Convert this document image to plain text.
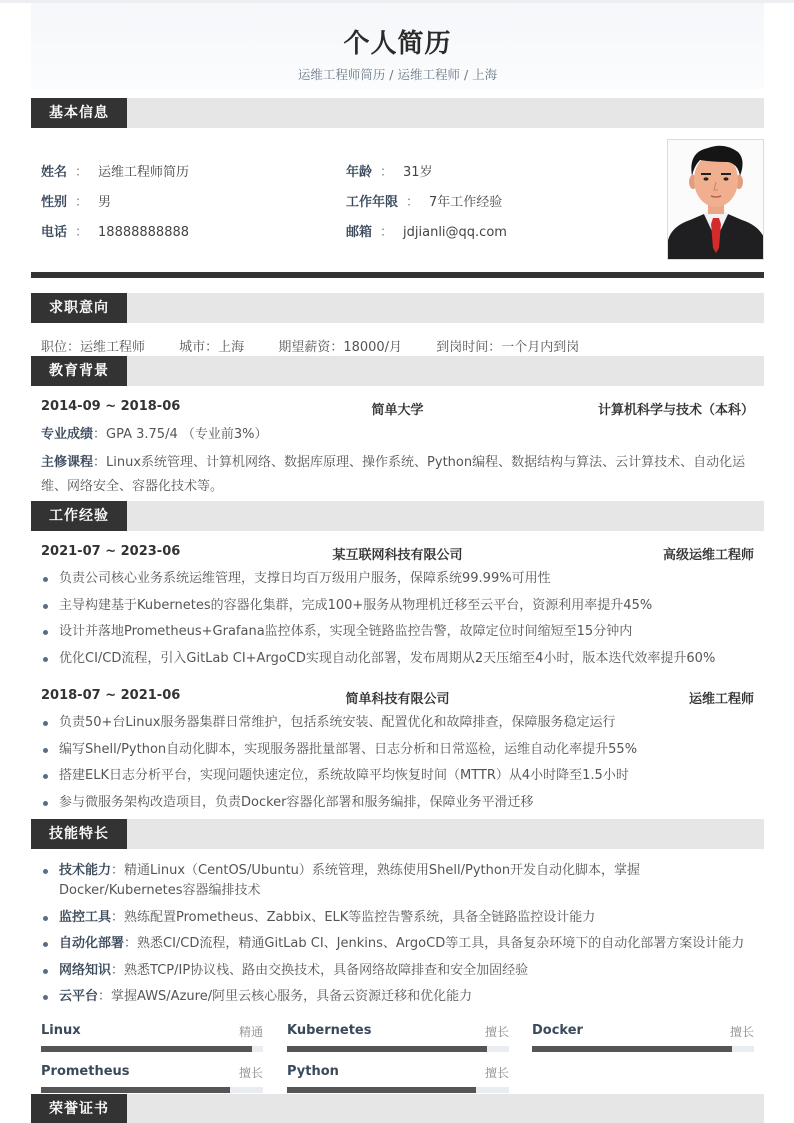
个人简历
运维工程师简历 / 运维工程师 / 上海
基本信息
姓名 ： 运维工程师简历
性别 ： 男
电话 ： 18888888888
年龄 ： 31岁
工作年限 ： 7年工作经验
邮箱 ： jdjianli@qq.com
求职意向
职位：运维工程师	城市：上海	期望薪资：18000/月	到岗时间：一个月内到岗
教育背景
2014-09 ~ 2018-06	简单大学	计算机科学与技术（本科）
专业成绩：GPA 3.75/4 （专业前3%）
主修课程：Linux系统管理、计算机网络、数据库原理、操作系统、Python编程、数据结构与算法、云计算技术、自动化运维、网络安全、容器化技术等。
工作经验
2021-07 ~ 2023-06	某互联网科技有限公司	高级运维工程师
负责公司核心业务系统运维管理，支撑日均百万级用户服务，保障系统99.99%可用性
主导构建基于Kubernetes的容器化集群，完成100+服务从物理机迁移至云平台，资源利用率提升45%
设计并落地Prometheus+Grafana监控体系，实现全链路监控告警，故障定位时间缩短至15分钟内
优化CI/CD流程，引入GitLab CI+ArgoCD实现自动化部署，发布周期从2天压缩至4小时，版本迭代效率提升60%
2018-07 ~ 2021-06	简单科技有限公司	运维工程师
负责50+台Linux服务器集群日常维护，包括系统安装、配置优化和故障排查，保障服务稳定运行
编写Shell/Python自动化脚本，实现服务器批量部署、日志分析和日常巡检，运维自动化率提升55%
搭建ELK日志分析平台，实现问题快速定位，系统故障平均恢复时间（MTTR）从4小时降至1.5小时
参与微服务架构改造项目，负责Docker容器化部署和服务编排，保障业务平滑迁移
技能特长
技术能力：精通Linux（CentOS/Ubuntu）系统管理，熟练使用Shell/Python开发自动化脚本，掌握Docker/Kubernetes容器编排技术
监控工具：熟练配置Prometheus、Zabbix、ELK等监控告警系统，具备全链路监控设计能力
自动化部署：熟悉CI/CD流程，精通GitLab CI、Jenkins、ArgoCD等工具，具备复杂环境下的自动化部署方案设计能力
网络知识：熟悉TCP/IP协议栈、路由交换技术，具备网络故障排查和安全加固经验
云平台：掌握AWS/Azure/阿里云核心服务，具备云资源迁移和优化能力
Linux	精通 Kubernetes	擅长 Docker	擅长
Prometheus	擅长 Python	擅长
荣誉证书
